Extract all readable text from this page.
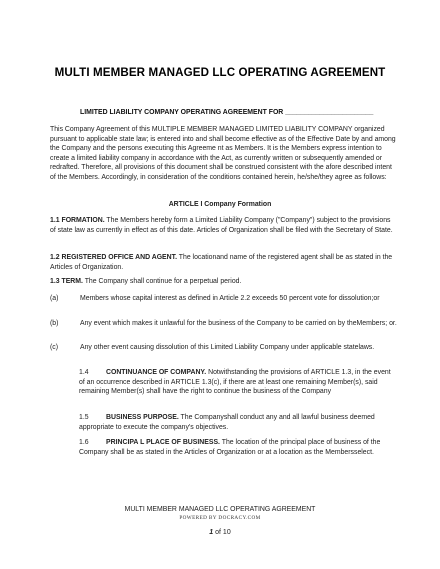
MULTI MEMBER MANAGED LLC OPERATING AGREEMENT
LIMITED LIABILITY COMPANY OPERATING AGREEMENT FOR _______________________
This Company Agreement of this MULTIPLE MEMBER MANAGED LIMITED LIABILITY COMPANY organized pursuant to applicable state law; is entered into and shall become effective as of the Effective Date by and among the Company and the persons executing this Agreeme nt as Members. It is the Members express intention to create a limited liability company in accordance with the Act, as currently written or subsequently amended or redrafted. Therefore, all provisions of this document shall be construed consistent with the afore described intent of the Members. Accordingly, in consideration of the conditions contained herein, he/she/they agree as follows:
ARTICLE I Company Formation
1.1 FORMATION. The Members hereby form a Limited Liability Company ("Company") subject to the provisions of state law as currently in effect as of this date. Articles of Organization shall be filed with the Secretary of State.
1.2 REGISTERED OFFICE AND AGENT. The locationand name of the registered agent shall be as stated in the Articles of Organization.
1.3 TERM. The Company shall continue for a perpetual period.
(a)	Members whose capital interest as defined in Article 2.2 exceeds 50 percent vote for dissolution;or
(b)	Any event which makes it unlawful for the business of the Company to be carried on by theMembers; or.
(c)	Any other event causing dissolution of this Limited Liability Company under applicable statelaws.
1.4	CONTINUANCE OF COMPANY. Notwithstanding the provisions of ARTICLE 1.3, in the event of an occurrence described in ARTICLE 1.3(c), if there are at least one remaining Member(s), said remaining Member(s) shall have the right to continue the business of the Company
1.5	BUSINESS PURPOSE. The Companyshall conduct any and all lawful business deemed appropriate to execute the company's objectives.
1.6	PRINCIPA L PLACE OF BUSINESS. The location of the principal place of business of the Company shall be as stated in the Articles of Organization or at a location as the Membersselect.
MULTI MEMBER MANAGED LLC OPERATING AGREEMENT
POWERED BY DOCRACY.COM
1 of 10
